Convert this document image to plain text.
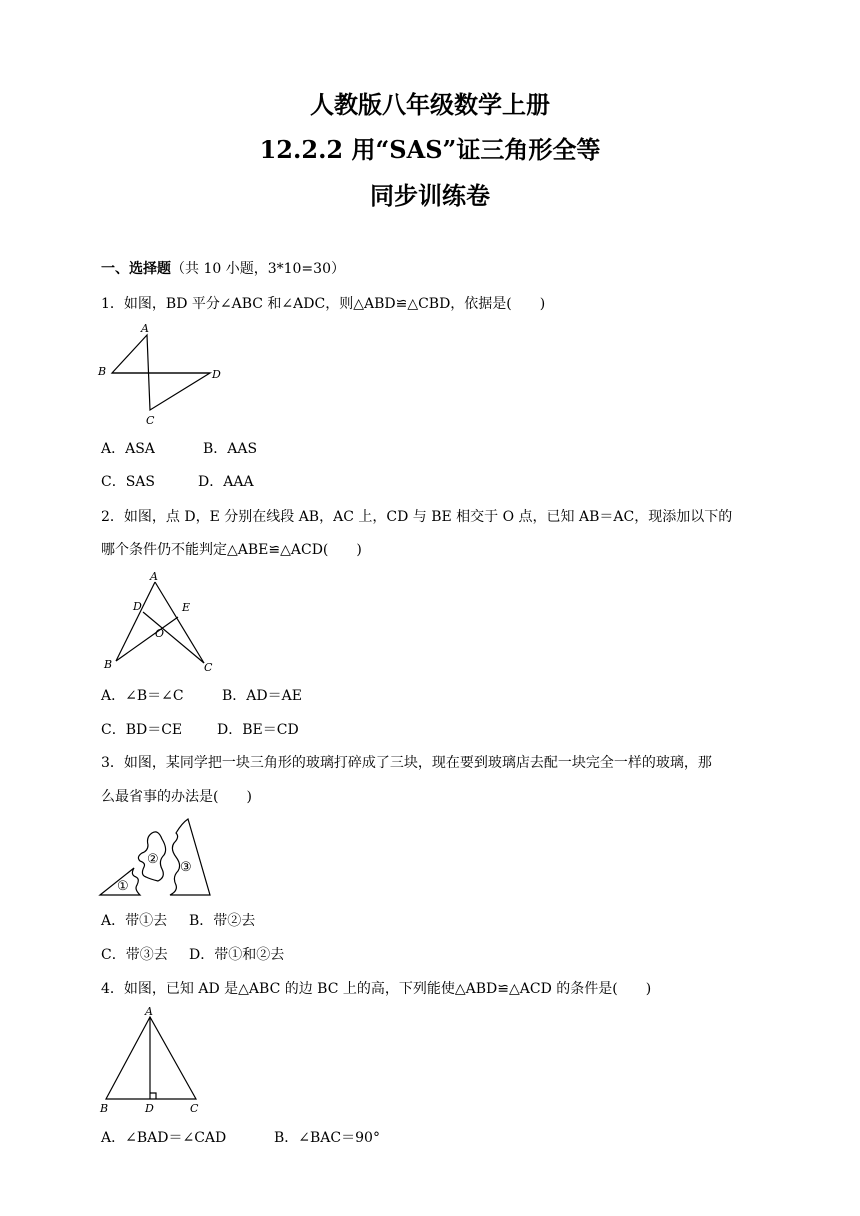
人教版八年级数学上册
12.2.2 用“SAS”证三角形全等
同步训练卷
一、选择题（共 10 小题，3*10=30）
1．如图，BD 平分∠ABC 和∠ADC，则△ABD≌△CBD，依据是(　　)
A
B
C
D
A．ASA	B．AAS
C．SAS	D．AAA
2．如图，点 D，E 分别在线段 AB，AC 上，CD 与 BE 相交于 O 点，已知 AB＝AC，现添加以下的
哪个条件仍不能判定△ABE≌△ACD(　　)
A
D	E
O
B	C
A．∠B＝∠C	B．AD＝AE
C．BD＝CE D．BE＝CD
3．如图，某同学把一块三角形的玻璃打碎成了三块，现在要到玻璃店去配一块完全一样的玻璃，那
么最省事的办法是(　　)
①
②
③
A．带①去 B．带②去
C．带③去 D．带①和②去
4．如图，已知 AD 是△ABC 的边 BC 上的高，下列能使△ABD≌△ACD 的条件是(　　)
A
B	D	C
A．∠BAD＝∠CAD	B．∠BAC＝90°
